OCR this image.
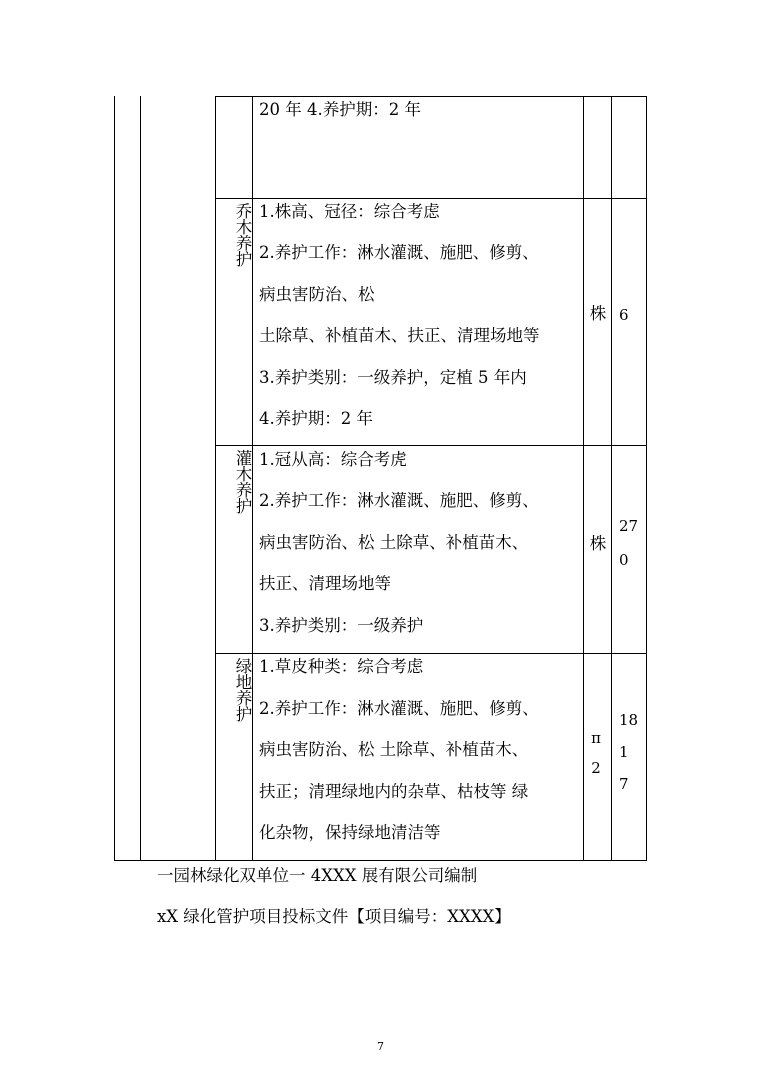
20 年 4.养护期：2 年
乔木养护
1.株高、冠径：综合考虑
2.养护工作：淋水灌溉、施肥、修剪、
病虫害防治、松
土除草、补植苗木、扶正、清理场地等
3.养护类别：一级养护，定植 5 年内
4.养护期：2 年
株 6
灌木养护
1.冠从高：综合考虎
2.养护工作：淋水灌溉、施肥、修剪、
病虫害防治、松 土除草、补植苗木、
扶正、清理场地等
3.养护类别：一级养护
株
27
0
绿地养护
1.草皮种类：综合考虑
2.养护工作：淋水灌溉、施肥、修剪、
病虫害防治、松 土除草、补植苗木、
扶正；清理绿地内的杂草、枯枝等 绿
化杂物，保持绿地清洁等
π
2
18
1
7
一园林绿化双单位一 4XXX 展有限公司编制
xX 绿化管护项目投标文件【项目编号：XXXX】
7
